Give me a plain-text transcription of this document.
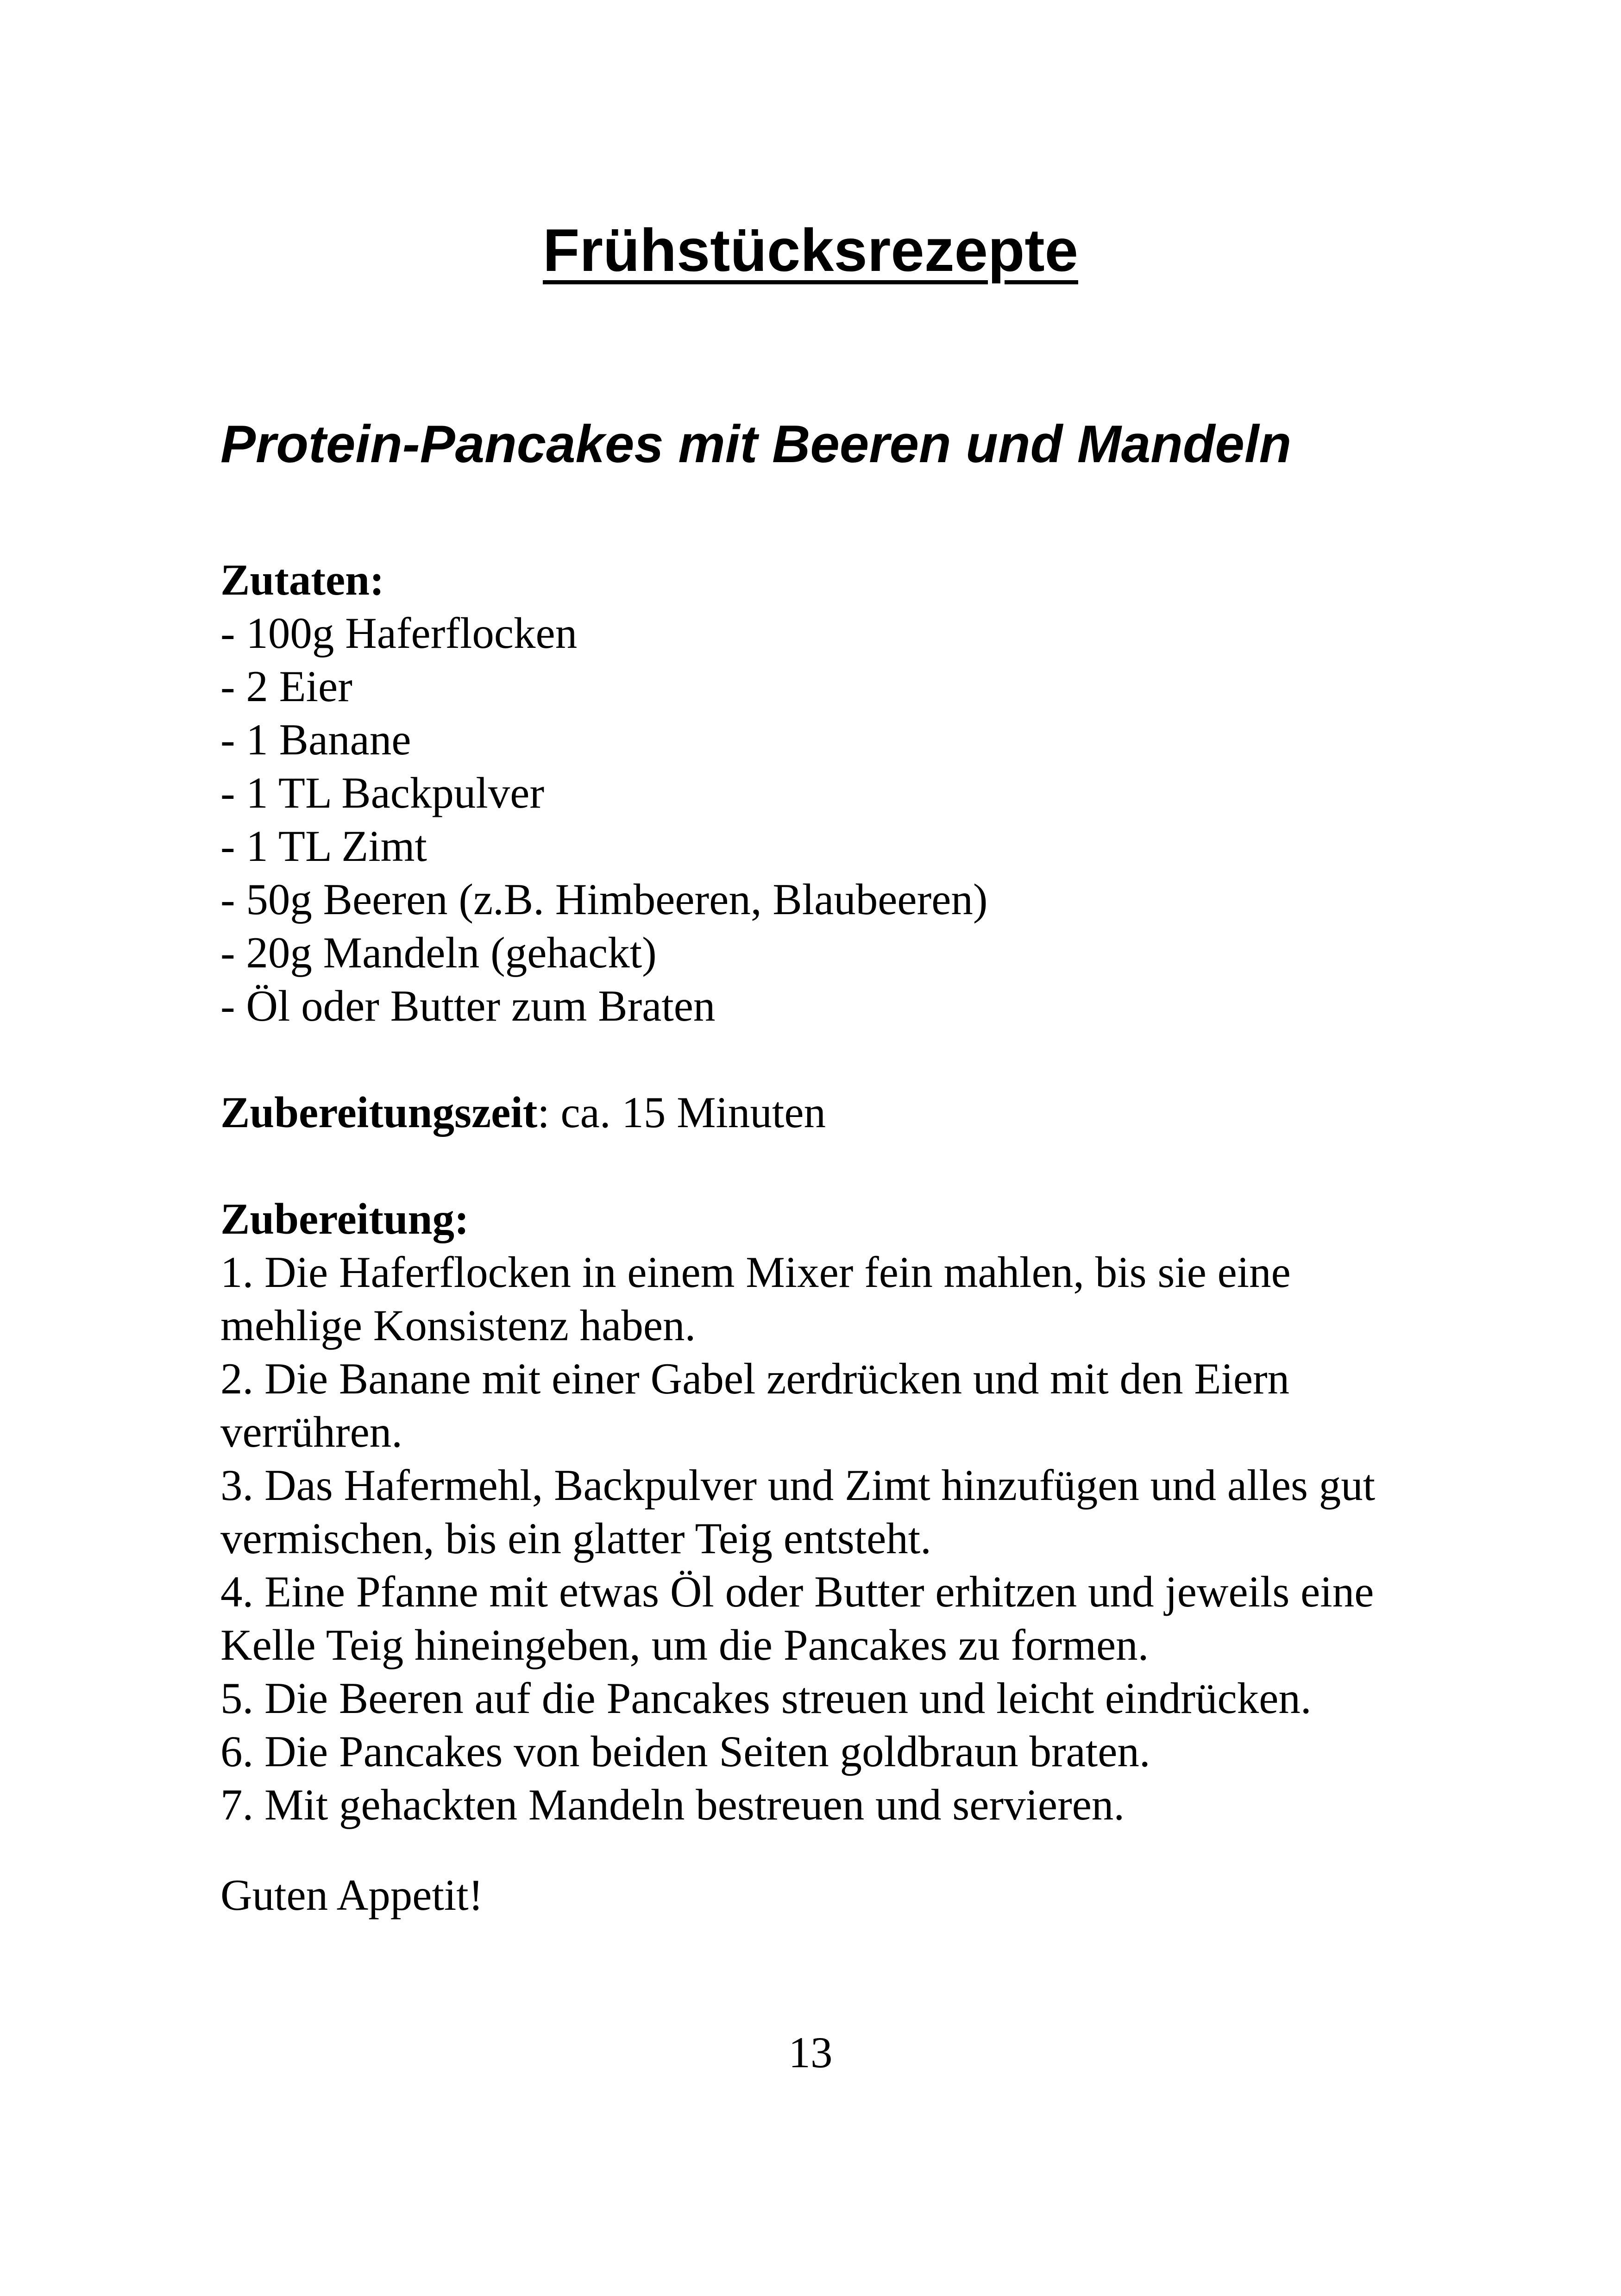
Frühstücksrezepte
Protein-Pancakes mit Beeren und Mandeln
Zutaten:
- 100g Haferflocken
- 2 Eier
- 1 Banane
- 1 TL Backpulver
- 1 TL Zimt
- 50g Beeren (z.B. Himbeeren, Blaubeeren)
- 20g Mandeln (gehackt)
- Öl oder Butter zum Braten

Zubereitungszeit: ca. 15 Minuten

Zubereitung:
1. Die Haferflocken in einem Mixer fein mahlen, bis sie eine mehlige Konsistenz haben.
2. Die Banane mit einer Gabel zerdrücken und mit den Eiern verrühren.
3. Das Hafermehl, Backpulver und Zimt hinzufügen und alles gut vermischen, bis ein glatter Teig entsteht.
4. Eine Pfanne mit etwas Öl oder Butter erhitzen und jeweils eine Kelle Teig hineingeben, um die Pancakes zu formen.
5. Die Beeren auf die Pancakes streuen und leicht eindrücken.
6. Die Pancakes von beiden Seiten goldbraun braten.
7. Mit gehackten Mandeln bestreuen und servieren.

Guten Appetit!

13
